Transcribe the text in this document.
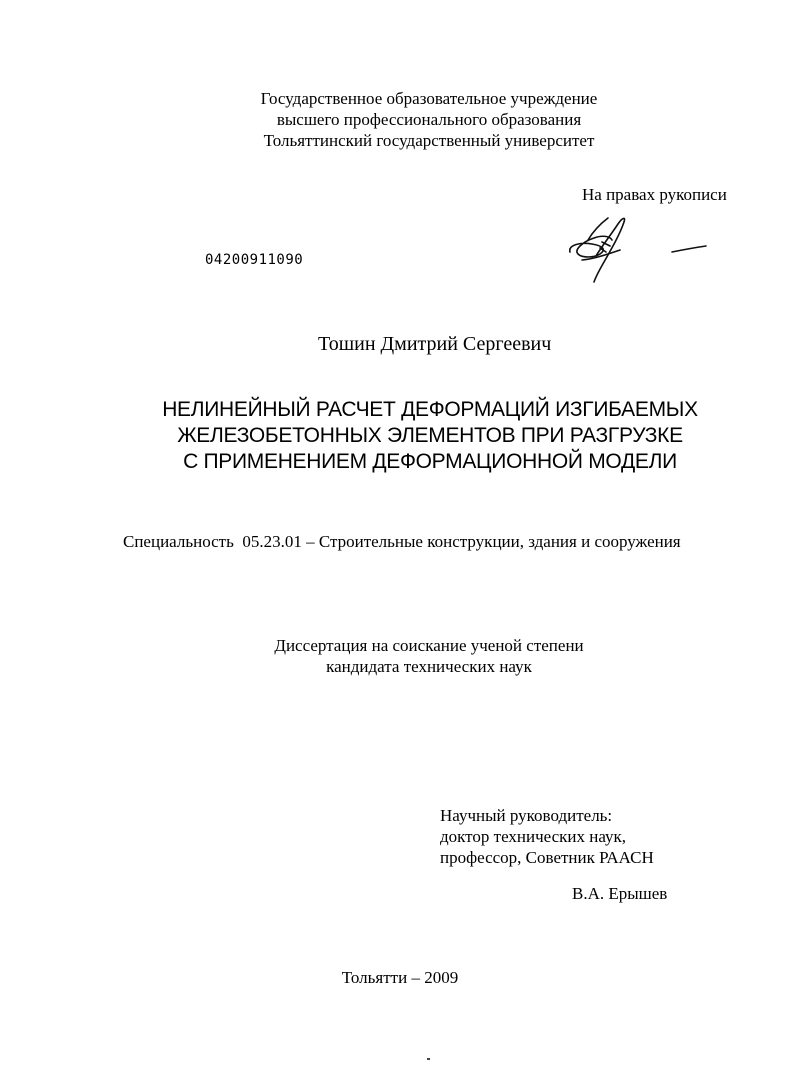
Государственное образовательное учреждение
высшего профессионального образования
Тольяттинский государственный университет
На правах рукописи
04200911090
Тошин Дмитрий Сергеевич
НЕЛИНЕЙНЫЙ РАСЧЕТ ДЕФОРМАЦИЙ ИЗГИБАЕМЫХ
ЖЕЛЕЗОБЕТОННЫХ ЭЛЕМЕНТОВ ПРИ РАЗГРУЗКЕ
С ПРИМЕНЕНИЕМ ДЕФОРМАЦИОННОЙ МОДЕЛИ
Специальность  05.23.01 – Строительные конструкции, здания и сооружения
Диссертация на соискание ученой степени
кандидата технических наук
Научный руководитель:
доктор технических наук,
профессор, Советник РААСН
В.А. Ерышев
Тольятти – 2009
